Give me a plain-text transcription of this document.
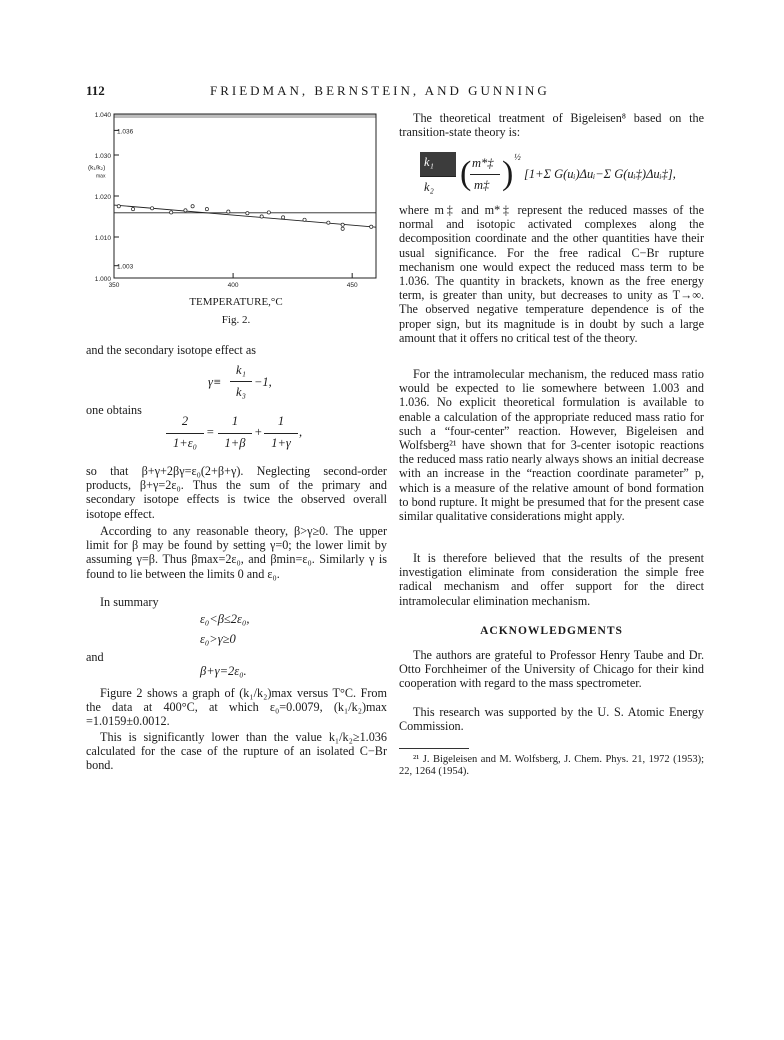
112	FRIEDMAN, BERNSTEIN, AND GUNNING
1.000
1.003
1.010
1.020
1.030
1.036
1.040
350	400	450
(k₁/k₂)
max
TEMPERATURE,°C
Fig. 2.
and the secondary isotope effect as
γ≡
k₁
k₃
−1,
one obtains
2
1+ε₀
=
1
1+β
+
1
1+γ
,
so that β+γ+2βγ=ε₀(2+β+γ). Neglecting second-order products, β+γ=2ε₀. Thus the sum of the primary and secondary isotope effects is twice the observed overall isotope effect.
According to any reasonable theory, β>γ≥0. The upper limit for β may be found by setting γ=0; the lower limit by assuming γ=β. Thus βmax=2ε₀, and βmin=ε₀. Similarly γ is found to lie between the limits 0 and ε₀.
In summary
ε₀<β≤2ε₀,
ε₀>γ≥0
and
β+γ=2ε₀.
Figure 2 shows a graph of (k₁/k₂)max versus T°C. From the data at 400°C, at which ε₀=0.0079, (k₁/k₂)max =1.0159±0.0012.
This is significantly lower than the value k₁/k₂≥1.036 calculated for the case of the rupture of an isolated C−Br bond.
The theoretical treatment of Bigeleisen⁸ based on the transition-state theory is:
k₁
k₂ ( m*‡
m‡ ) ½
[1+Σ G(uᵢ)Δuᵢ−Σ G(uᵢ‡)Δuᵢ‡],
where m‡ and m*‡ represent the reduced masses of the normal and isotopic activated complexes along the decomposition coordinate and the other quantities have their usual significance. For the free radical C−Br rupture mechanism one would expect the reduced mass term to be 1.036. The quantity in brackets, known as the free energy term, is greater than unity, but decreases to unity as T→∞. The observed negative temperature dependence is of the proper sign, but its magnitude is in doubt by such a large amount that it offers no critical test of the theory.
For the intramolecular mechanism, the reduced mass ratio would be expected to lie somewhere between 1.003 and 1.036. No explicit theoretical formulation is available to enable a calculation of the appropriate reduced mass ratio for such a “four-center” reaction. However, Bigeleisen and Wolfsberg²¹ have shown that for 3-center isotopic reactions the reduced mass ratio nearly always shows an initial decrease with an increase in the “reaction coordinate parameter” p, which is a measure of the relative amount of bond formation to bond rupture. It might be presumed that for the present case similar qualitative considerations might apply.
It is therefore believed that the results of the present investigation eliminate from consideration the simple free radical mechanism and offer support for the direct intramolecular elimination mechanism.
ACKNOWLEDGMENTS
The authors are grateful to Professor Henry Taube and Dr. Otto Forchheimer of the University of Chicago for their kind cooperation with regard to the mass spectrometer.
This research was supported by the U. S. Atomic Energy Commission.
²¹ J. Bigeleisen and M. Wolfsberg, J. Chem. Phys. 21, 1972 (1953); 22, 1264 (1954).
